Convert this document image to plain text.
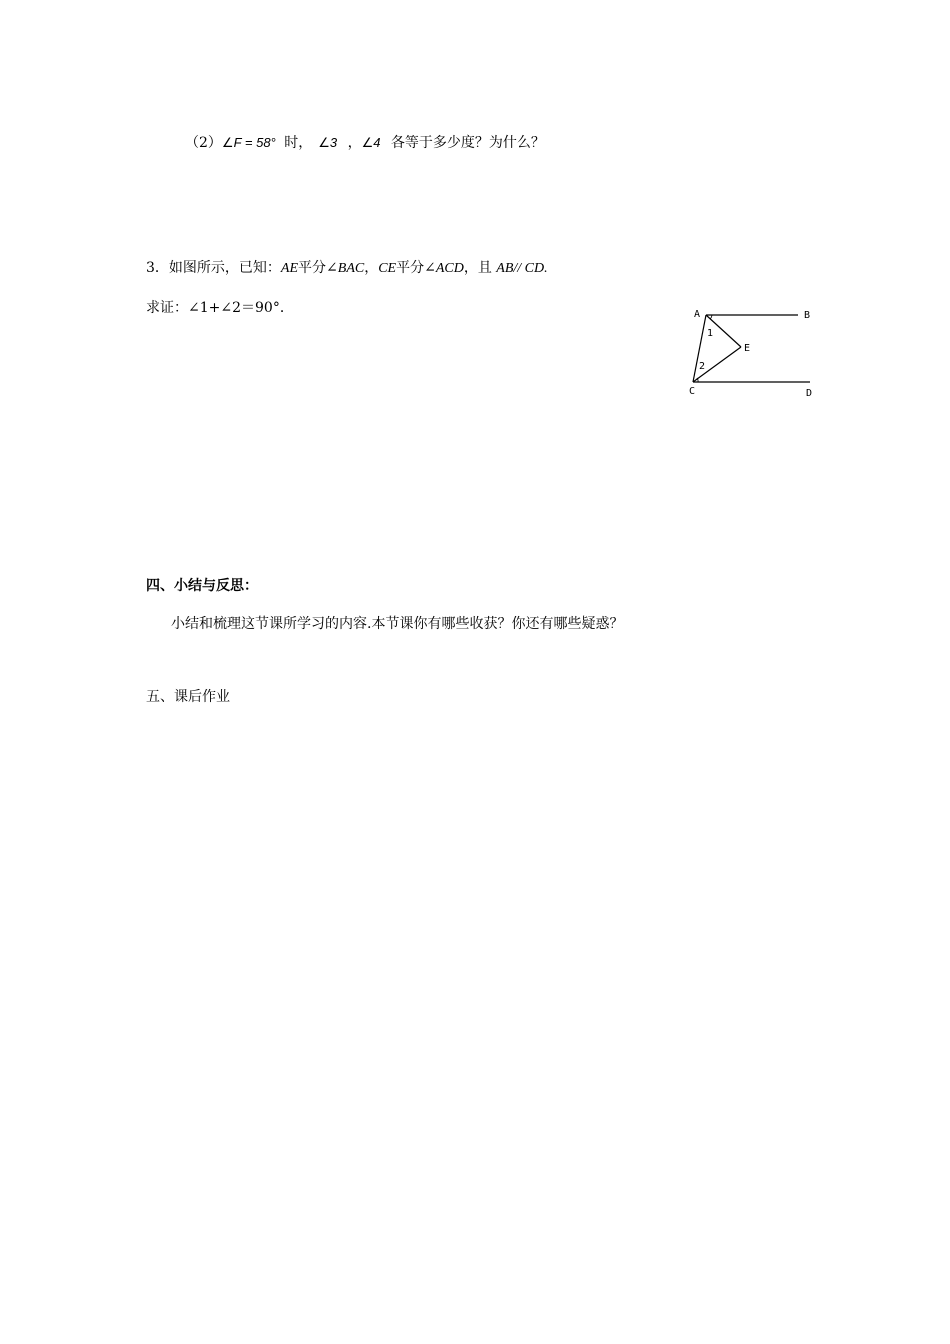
（2）∠F = 58° 时， ∠3 ，∠4 各等于多少度？为什么？
3．如图所示，已知：AE平分∠BAC，CE平分∠ACD，且 AB// CD.
求证：∠1+∠2＝90°．	A	B
C	D
E
1
2
四、小结与反思：
小结和梳理这节课所学习的内容.本节课你有哪些收获？你还有哪些疑惑？
五、课后作业
